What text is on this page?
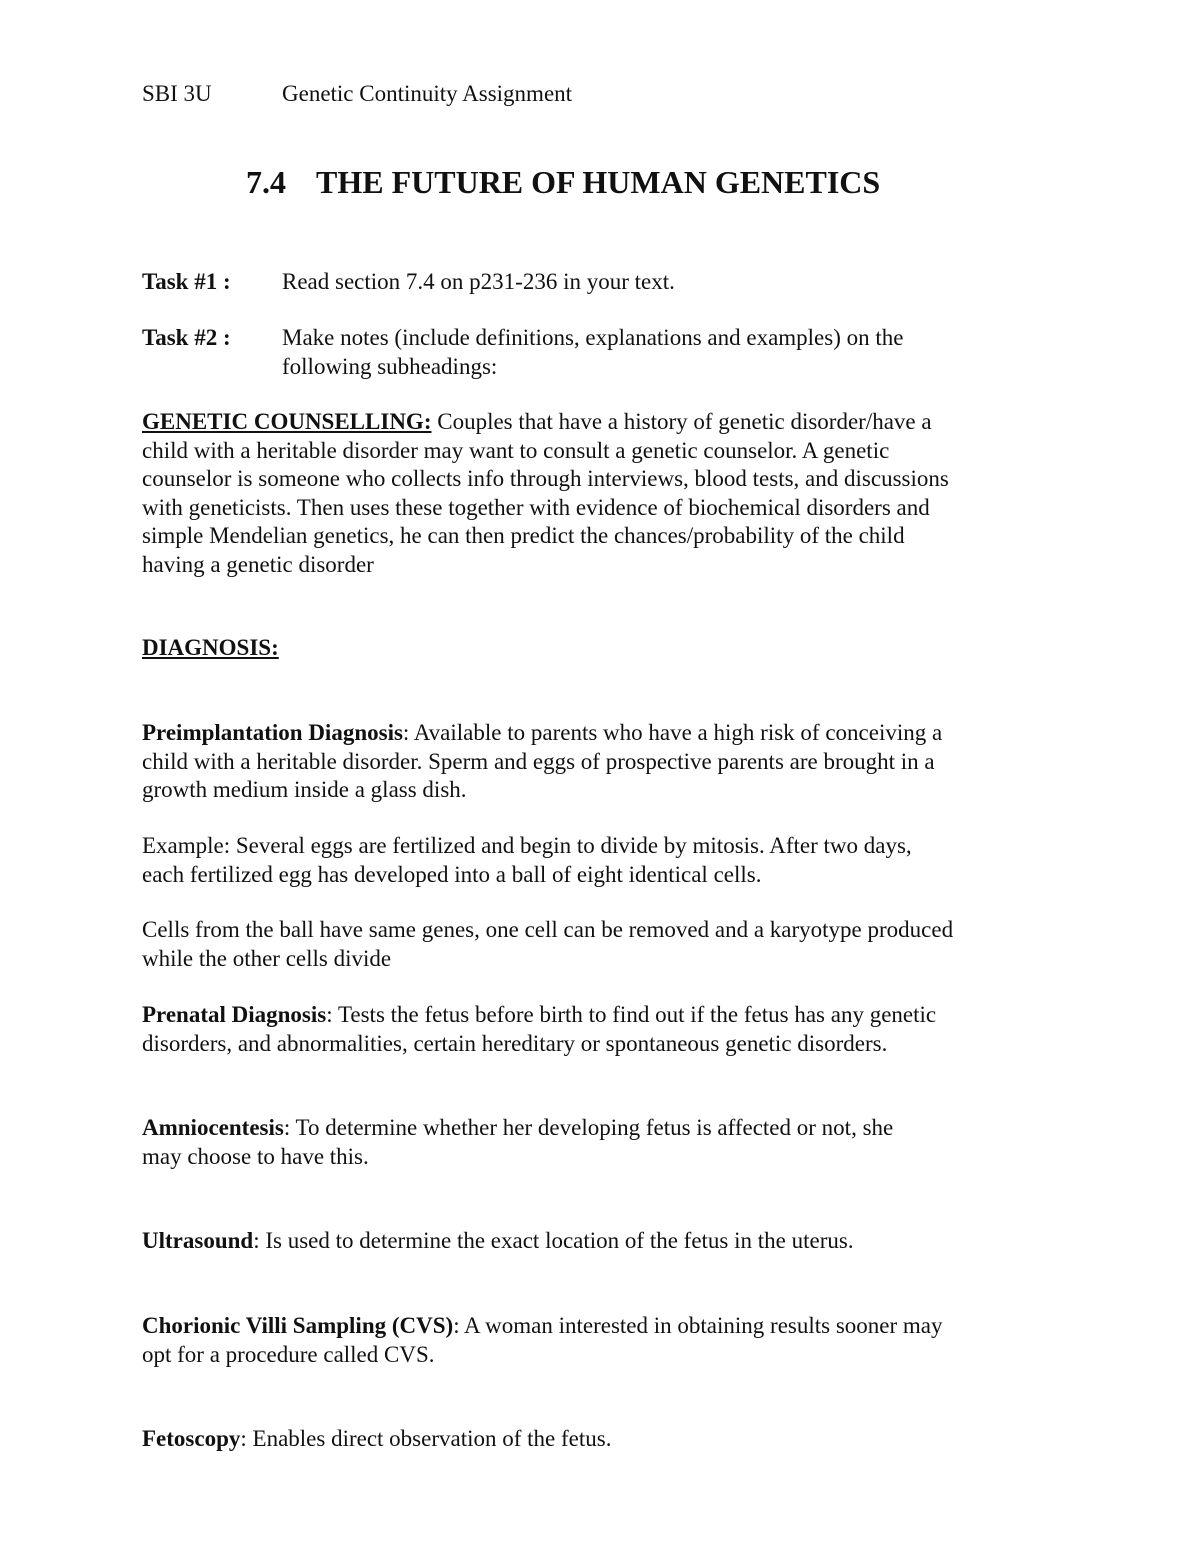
SBI 3U	Genetic Continuity Assignment
7.4 THE FUTURE OF HUMAN GENETICS
Task #1 : Read section 7.4 on p231-236 in your text.
Task #2 : Make notes (include definitions, explanations and examples) on the
following subheadings:

GENETIC COUNSELLING: Couples that have a history of genetic disorder/have a

child with a heritable disorder may want to consult a genetic counselor. A genetic

counselor is someone who collects info through interviews, blood tests, and discussions

with geneticists. Then uses these together with evidence of biochemical disorders and

simple Mendelian genetics, he can then predict the chances/probability of the child

having a genetic disorder

DIAGNOSIS:

Preimplantation Diagnosis: Available to parents who have a high risk of conceiving a

child with a heritable disorder. Sperm and eggs of prospective parents are brought in a

growth medium inside a glass dish.

Example: Several eggs are fertilized and begin to divide by mitosis. After two days,

each fertilized egg has developed into a ball of eight identical cells.

Cells from the ball have same genes, one cell can be removed and a karyotype produced

while the other cells divide

Prenatal Diagnosis: Tests the fetus before birth to find out if the fetus has any genetic

disorders, and abnormalities, certain hereditary or spontaneous genetic disorders.

Amniocentesis: To determine whether her developing fetus is affected or not, she

may choose to have this.

Ultrasound: Is used to determine the exact location of the fetus in the uterus.

Chorionic Villi Sampling (CVS): A woman interested in obtaining results sooner may

opt for a procedure called CVS.

Fetoscopy: Enables direct observation of the fetus.
